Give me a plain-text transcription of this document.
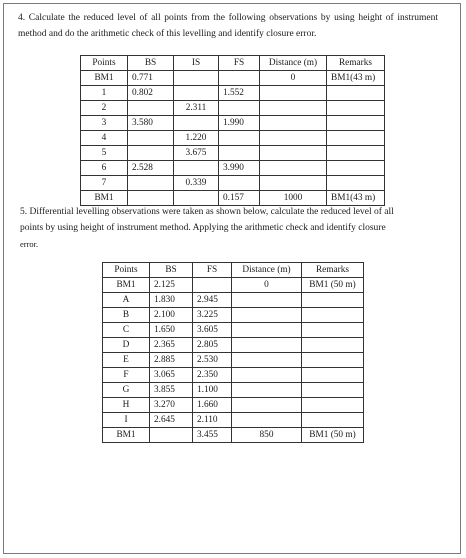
4. Calculate the reduced level of all points from the following observations by using height of instrument method and do the arithmetic check of this levelling and identify closure error.
Points	BS	IS	FS	Distance (m)	Remarks
BM1	0.771			0	BM1(43 m)
1	0.802		1.552		
2		2.311			
3	3.580		1.990		
4		1.220			
5		3.675			
6	2.528		3.990		
7		0.339			
BM1			0.157	1000	BM1(43 m)
5. Differential levelling observations were taken as shown below, calculate the reduced level of all
points by using height of instrument method. Applying the arithmetic check and identify closure
error.
Points	BS	FS	Distance (m)	Remarks
BM1	2.125		0	BM1 (50 m)
A	1.830	2.945		
B	2.100	3.225		
C	1.650	3.605		
D	2.365	2.805		
E	2.885	2.530		
F	3.065	2.350		
G	3.855	1.100		
H	3.270	1.660		
I	2.645	2.110		
BM1		3.455	850	BM1 (50 m)
